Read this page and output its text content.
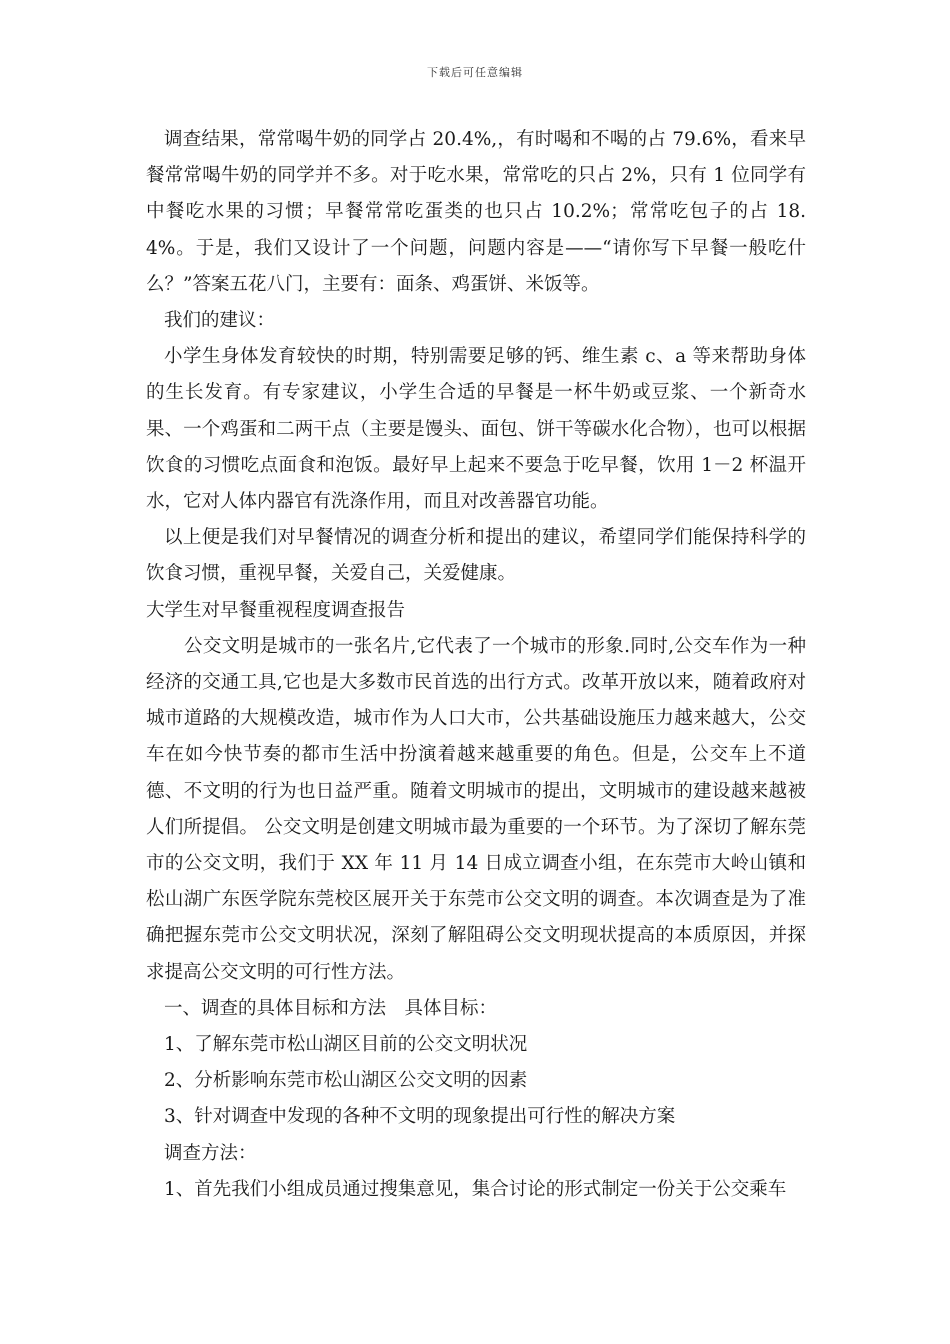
下载后可任意编辑

调查结果，常常喝牛奶的同学占 20.4%,，有时喝和不喝的占 79.6%，看来早餐常常喝牛奶的同学并不多。对于吃水果，常常吃的只占 2%，只有 1 位同学有中餐吃水果的习惯；早餐常常吃蛋类的也只占 10.2%；常常吃包子的占 18.4%。于是，我们又设计了一个问题，问题内容是——“请你写下早餐一般吃什么？”答案五花八门，主要有：面条、鸡蛋饼、米饭等。

我们的建议：

小学生身体发育较快的时期，特别需要足够的钙、维生素 c、a 等来帮助身体的生长发育。有专家建议，小学生合适的早餐是一杯牛奶或豆浆、一个新奇水果、一个鸡蛋和二两干点（主要是馒头、面包、饼干等碳水化合物），也可以根据饮食的习惯吃点面食和泡饭。最好早上起来不要急于吃早餐，饮用 1－2 杯温开水，它对人体内器官有洗涤作用，而且对改善器官功能。

以上便是我们对早餐情况的调查分析和提出的建议，希望同学们能保持科学的饮食习惯，重视早餐，关爱自己，关爱健康。

大学生对早餐重视程度调查报告

公交文明是城市的一张名片,它代表了一个城市的形象.同时,公交车作为一种经济的交通工具,它也是大多数市民首选的出行方式。改革开放以来，随着政府对城市道路的大规模改造，城市作为人口大市，公共基础设施压力越来越大，公交车在如今快节奏的都市生活中扮演着越来越重要的角色。但是，公交车上不道德、不文明的行为也日益严重。随着文明城市的提出，文明城市的建设越来越被人们所提倡。 公交文明是创建文明城市最为重要的一个环节。为了深切了解东莞市的公交文明，我们于 XX 年 11 月 14 日成立调查小组，在东莞市大岭山镇和松山湖广东医学院东莞校区展开关于东莞市公交文明的调查。本次调查是为了准确把握东莞市公交文明状况，深刻了解阻碍公交文明现状提高的本质原因，并探求提高公交文明的可行性方法。

一、调查的具体目标和方法　具体目标：

1、了解东莞市松山湖区目前的公交文明状况

2、分析影响东莞市松山湖区公交文明的因素

3、针对调查中发现的各种不文明的现象提出可行性的解决方案

调查方法：

1、首先我们小组成员通过搜集意见，集合讨论的形式制定一份关于公交乘车
